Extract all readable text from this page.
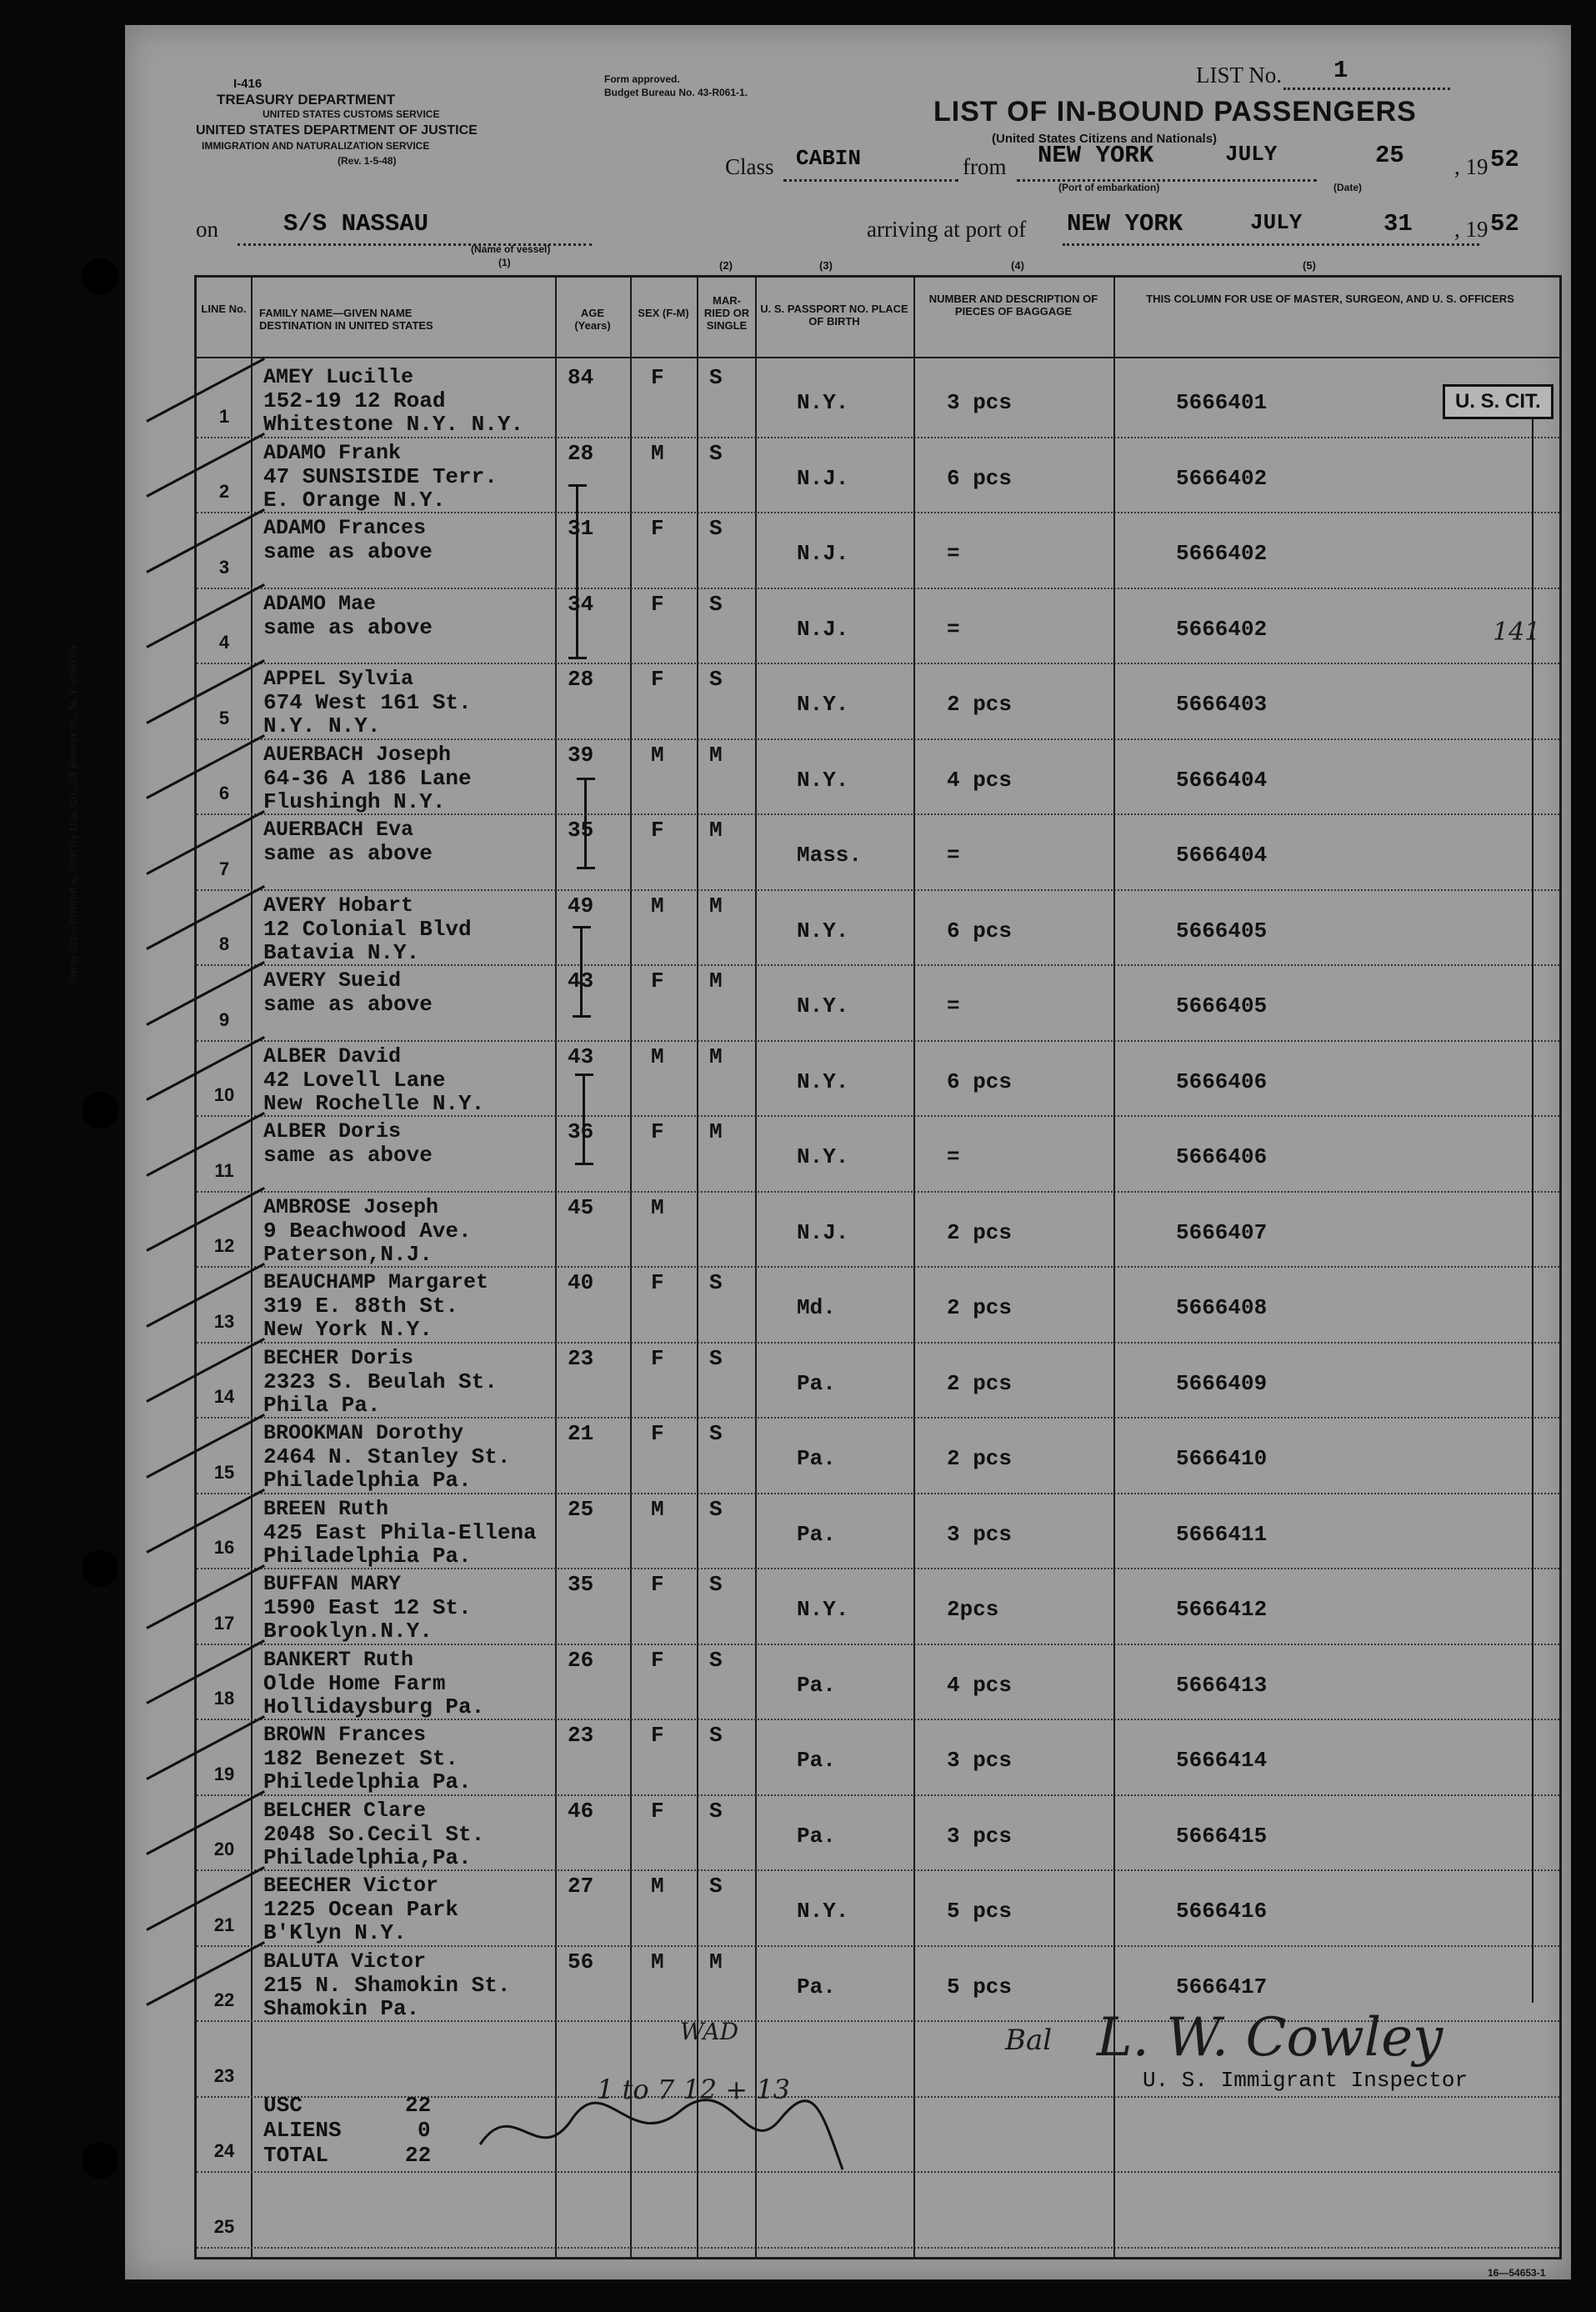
I-416
TREASURY DEPARTMENT
UNITED STATES CUSTOMS SERVICE
UNITED STATES DEPARTMENT OF JUSTICE
IMMIGRATION AND NATURALIZATION SERVICE
(Rev. 1-5-48)
Form approved.
Budget Bureau No. 43-R061-1.
LIST No. 1
LIST OF IN-BOUND PASSENGERS
(United States Citizens and Nationals)
Class CABIN	from NEW YORK	JULY	25 , 19 52
(Port of embarkation)	(Date)
on	S/S NASSAU
(Name of vessel)
(1)
arriving at port of NEW YORK	JULY	31 , 19 52
Form 121—Printed & Sold by U.S. Co., 24 Beaver St., N. Y. U56704
LINE No.	FAMILY NAME—GIVEN NAME DESTINATION IN UNITED STATES
AGE (Years)
SEX (F-M)
MAR-RIED OR SINGLE
U. S. PASSPORT NO. PLACE OF BIRTH
NUMBER AND DESCRIPTION OF PIECES OF BAGGAGE
THIS COLUMN FOR USE OF MASTER, SURGEON, AND U. S. OFFICERS
(2)	(3)	(4)	(5)
1
AMEY Lucille
152-19 12 Road
Whitestone N.Y. N.Y.
84	F S
N.Y.	3 pcs	5666401
2
ADAMO Frank
47 SUNSISIDE Terr.
E. Orange N.Y.
28	M S
N.J.	6 pcs	5666402
3
ADAMO Frances
same as above
31	F S
N.J.	=	5666402
4
ADAMO Mae
same as above
34	F S
N.J.	=	5666402
5
APPEL Sylvia
674 West 161 St.
N.Y. N.Y.
28	F S
N.Y.	2 pcs	5666403
6
AUERBACH Joseph
64-36 A 186 Lane
Flushingh N.Y.
39	M M
N.Y.	4 pcs	5666404
7
AUERBACH Eva
same as above
35	F M
Mass.	=	5666404
8
AVERY Hobart
12 Colonial Blvd
Batavia N.Y.
49	M M
N.Y.	6 pcs	5666405
9
AVERY Sueid
same as above
43	F M
N.Y.	=	5666405
10
ALBER David
42 Lovell Lane
New Rochelle N.Y.
43	M M
N.Y.	6 pcs	5666406
11
ALBER Doris
same as above
36	F M
N.Y.	=	5666406
12
AMBROSE Joseph
9 Beachwood Ave.
Paterson,N.J.
45	M
N.J.	2 pcs	5666407
13
BEAUCHAMP Margaret
319 E. 88th St.
New York N.Y.
40	F S
Md.	2 pcs	5666408
14
BECHER Doris
2323 S. Beulah St.
Phila Pa.
23	F S
Pa.	2 pcs	5666409
15
BROOKMAN Dorothy
2464 N. Stanley St.
Philadelphia Pa.
21	F S
Pa.	2 pcs	5666410
16
BREEN Ruth
425 East Phila-Ellena
Philadelphia Pa.
25	M S
Pa.	3 pcs	5666411
17
BUFFAN MARY
1590 East 12 St.
Brooklyn.N.Y.
35	F S
N.Y.	2pcs	5666412
18
BANKERT Ruth
Olde Home Farm
Hollidaysburg Pa.
26	F S
Pa.	4 pcs	5666413
19
BROWN Frances
182 Benezet St.
Philedelphia Pa.
23	F S
Pa.	3 pcs	5666414
20
BELCHER Clare
2048 So.Cecil St.
Philadelphia,Pa.
46	F S
Pa.	3 pcs	5666415
21
BEECHER Victor
1225 Ocean Park
B'Klyn N.Y.
27	M S
N.Y.	5 pcs	5666416
22
BALUTA Victor
215 N. Shamokin St.
Shamokin Pa.
56	M M
Pa.	5 pcs	5666417
23
24
25
USC	22
ALIENS	0
TOTAL	22
U. S. CIT.
141
1 to 7 12 + 13
WAD	Bal L. W. Cowley
U. S. Immigrant Inspector
16—54653-1
